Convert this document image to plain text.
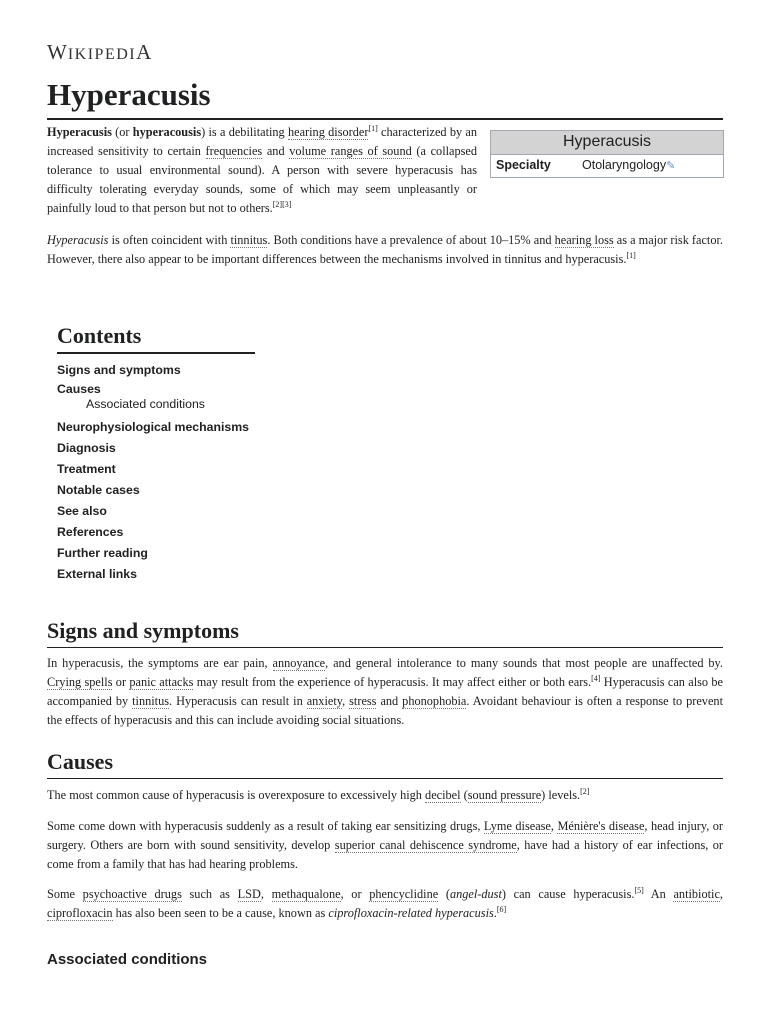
WIKIPEDIA
Hyperacusis
Hyperacusis
Specialty	Otolaryngology✎

Hyperacusis (or hyperacousis) is a debilitating hearing disorder[1] characterized by an increased sensitivity to certain frequencies and volume ranges of sound (a collapsed tolerance to usual environmental sound). A person with severe hyperacusis has difficulty tolerating everyday sounds, some of which may seem unpleasantly or painfully loud to that person but not to others.[2][3]

Hyperacusis is often coincident with tinnitus. Both conditions have a prevalence of about 10–15% and hearing loss as a major risk factor. However, there also appear to be important differences between the mechanisms involved in tinnitus and hyperacusis.[1]

Contents
Signs and symptoms
Causes
Associated conditions
Neurophysiological mechanisms
Diagnosis
Treatment
Notable cases
See also
References
Further reading
External links
Signs and symptoms

In hyperacusis, the symptoms are ear pain, annoyance, and general intolerance to many sounds that most people are unaffected by. Crying spells or panic attacks may result from the experience of hyperacusis. It may affect either or both ears.[4] Hyperacusis can also be accompanied by tinnitus. Hyperacusis can result in anxiety, stress and phonophobia. Avoidant behaviour is often a response to prevent the effects of hyperacusis and this can include avoiding social situations.

Causes

The most common cause of hyperacusis is overexposure to excessively high decibel (sound pressure) levels.[2]

Some come down with hyperacusis suddenly as a result of taking ear sensitizing drugs, Lyme disease, Ménière's disease, head injury, or surgery. Others are born with sound sensitivity, develop superior canal dehiscence syndrome, have had a history of ear infections, or come from a family that has had hearing problems.

Some psychoactive drugs such as LSD, methaqualone, or phencyclidine (angel-dust) can cause hyperacusis.[5] An antibiotic, ciprofloxacin has also been seen to be a cause, known as ciprofloxacin-related hyperacusis.[6]

Associated conditions
